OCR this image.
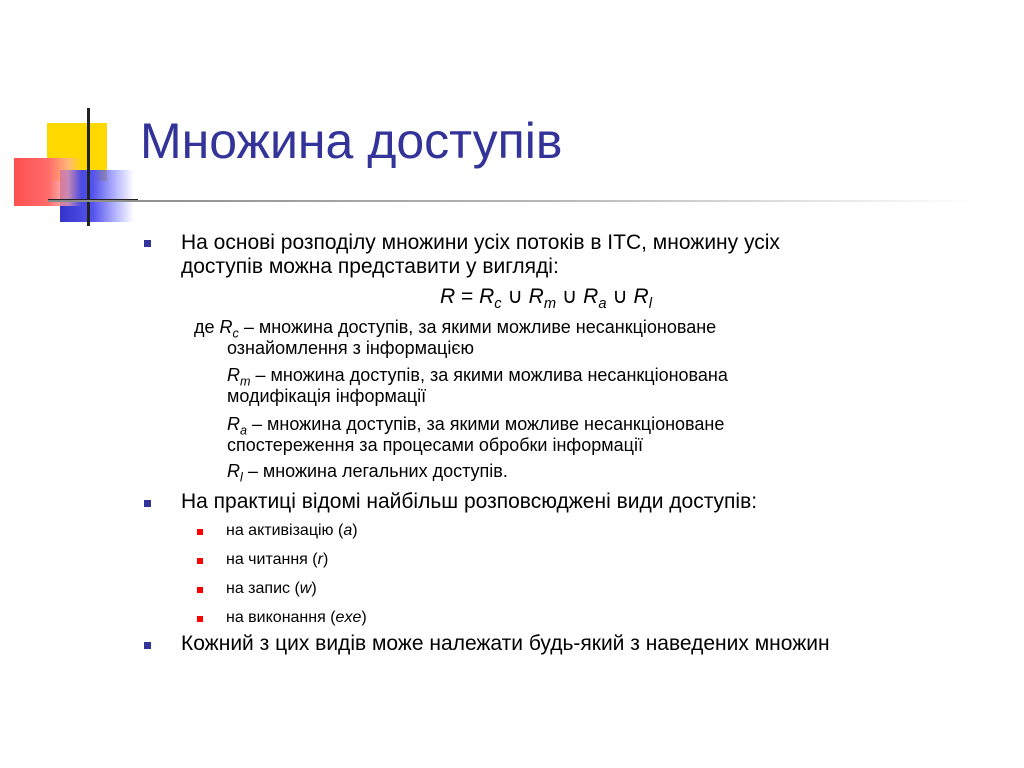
Множина доступів
На основі розподілу множини усіх потоків в ІТС, множину усіх
доступів можна представити у вигляді:
$R = R_c$ ∪ $R_m$ ∪ $R_a$ ∪ $R_l$
де $R_c$ – множина доступів, за якими можливе несанкціоноване
ознайомлення з інформацією
$R_m$ – множина доступів, за якими можлива несанкціонована
модифікація інформації
$R_a$ – множина доступів, за якими можливе несанкціоноване
спостереження за процесами обробки інформації
$R_l$ – множина легальних доступів.
На практиці відомі найбільш розповсюджені види доступів:
на активізацію (a)
на читання (r)
на запис (w)
на виконання (exe)
Кожний з цих видів може належати будь-який з наведених множин
